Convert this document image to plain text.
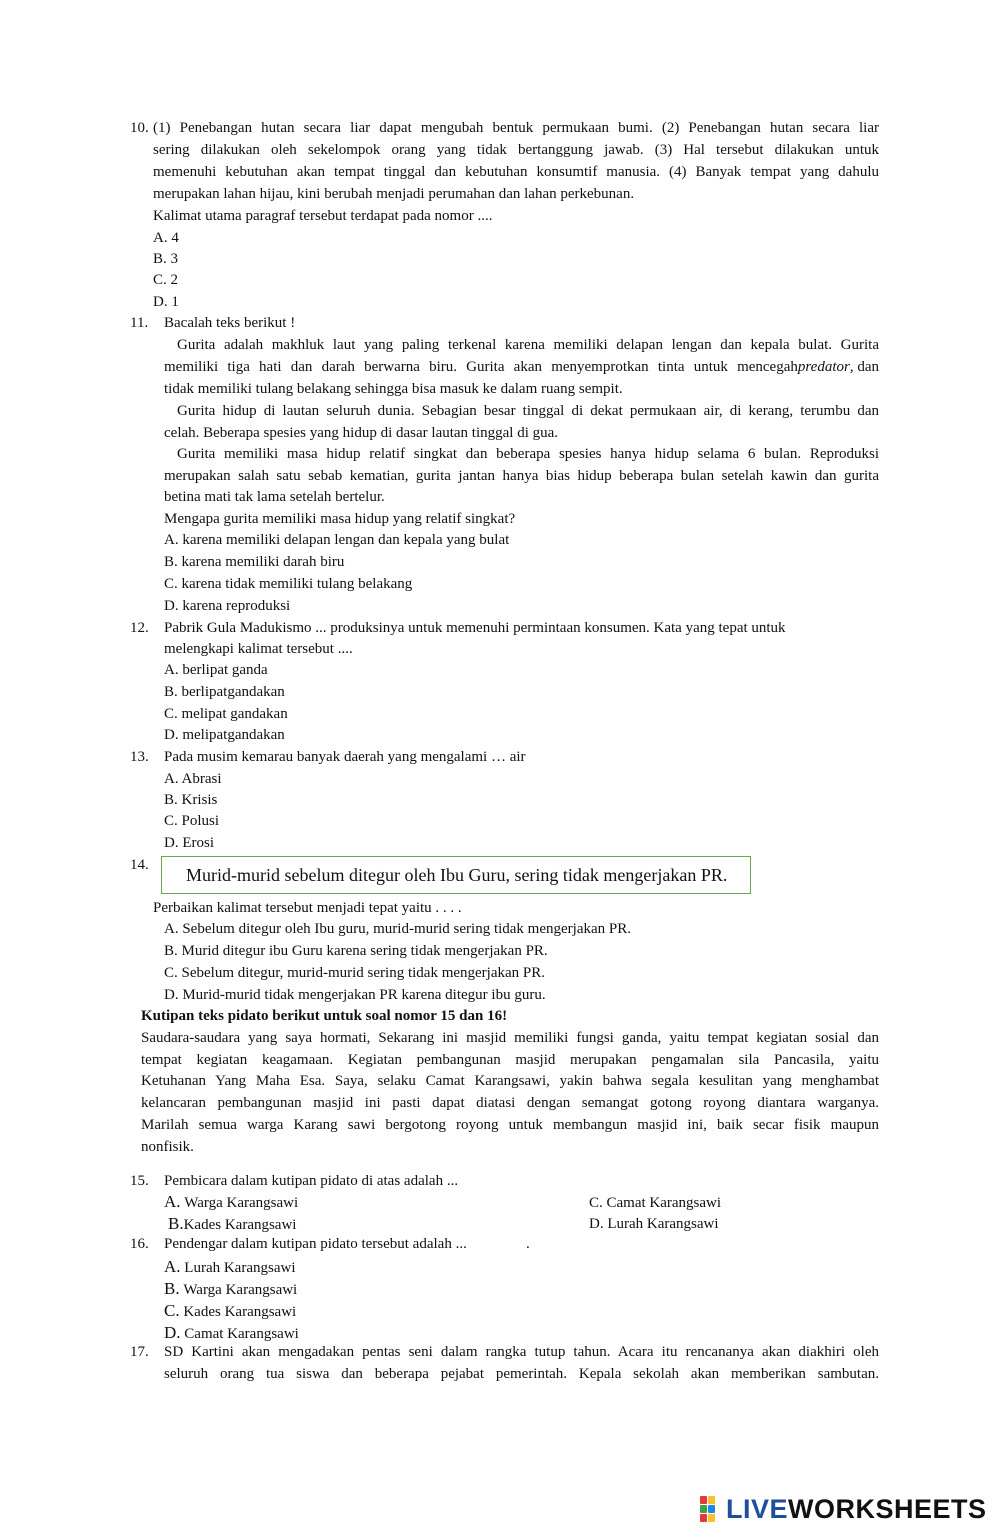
10. (1) Penebangan hutan secara liar dapat mengubah bentuk permukaan bumi. (2) Penebangan hutan secara liar
sering dilakukan oleh sekelompok orang yang tidak bertanggung jawab. (3) Hal tersebut dilakukan untuk
memenuhi kebutuhan akan tempat tinggal dan kebutuhan konsumtif manusia. (4) Banyak tempat yang dahulu
merupakan lahan hijau, kini berubah menjadi perumahan dan lahan perkebunan.
Kalimat utama paragraf tersebut terdapat pada nomor ....
A. 4
B. 3
C. 2
D. 1
11. Bacalah teks berikut !
Gurita adalah makhluk laut yang paling terkenal karena memiliki delapan lengan dan kepala bulat. Gurita
memiliki tiga hati dan darah berwarna biru. Gurita akan menyemprotkan tinta untuk mencegah predator , dan
tidak memiliki tulang belakang sehingga bisa masuk ke dalam ruang sempit.
Gurita hidup di lautan seluruh dunia. Sebagian besar tinggal di dekat permukaan air, di kerang, terumbu dan
celah. Beberapa spesies yang hidup di dasar lautan tinggal di gua.
Gurita memiliki masa hidup relatif singkat dan beberapa spesies hanya hidup selama 6 bulan. Reproduksi
merupakan salah satu sebab kematian, gurita jantan hanya bias hidup beberapa bulan setelah kawin dan gurita
betina mati tak lama setelah bertelur.
Mengapa gurita memiliki masa hidup yang relatif singkat?
A. karena memiliki delapan lengan dan kepala yang bulat
B. karena memiliki darah biru
C. karena tidak memiliki tulang belakang
D. karena reproduksi
12. Pabrik Gula Madukismo ... produksinya untuk memenuhi permintaan konsumen. Kata yang tepat untuk
melengkapi kalimat tersebut ....
A. berlipat ganda
B. berlipatgandakan
C. melipat gandakan
D. melipatgandakan
13. Pada musim kemarau banyak daerah yang mengalami … air
A. Abrasi
B. Krisis
C. Polusi
D. Erosi
14. Murid-murid sebelum ditegur oleh Ibu Guru, sering tidak mengerjakan PR.
Perbaikan kalimat tersebut menjadi tepat yaitu . . . .
A. Sebelum ditegur oleh Ibu guru, murid-murid sering tidak mengerjakan PR.
B. Murid ditegur ibu Guru karena sering tidak mengerjakan PR.
C. Sebelum ditegur, murid-murid sering tidak mengerjakan PR.
D. Murid-murid tidak mengerjakan PR karena ditegur ibu guru.
Kutipan teks pidato berikut untuk soal nomor 15 dan 16!
Saudara-saudara yang saya hormati, Sekarang ini masjid memiliki fungsi ganda, yaitu tempat kegiatan sosial dan
tempat kegiatan keagamaan. Kegiatan pembangunan masjid merupakan pengamalan sila Pancasila, yaitu
Ketuhanan Yang Maha Esa. Saya, selaku Camat Karangsawi, yakin bahwa segala kesulitan yang menghambat
kelancaran pembangunan masjid ini pasti dapat diatasi dengan semangat gotong royong diantara warganya.
Marilah semua warga Karang sawi bergotong royong untuk membangun masjid ini, baik secar fisik maupun
nonfisik.
15. Pembicara dalam kutipan pidato di atas adalah ...
A. Warga Karangsawi
B.Kades Karangsawi
C. Camat Karangsawi
D. Lurah Karangsawi
16. Pendengar dalam kutipan pidato tersebut adalah ...	.
A. Lurah Karangsawi
B. Warga Karangsawi
C. Kades Karangsawi
D. Camat Karangsawi
17. SD Kartini akan mengadakan pentas seni dalam rangka tutup tahun. Acara itu rencananya akan diakhiri oleh
seluruh orang tua siswa dan beberapa pejabat pemerintah. Kepala sekolah akan memberikan sambutan.
LIVEWORKSHEETS
